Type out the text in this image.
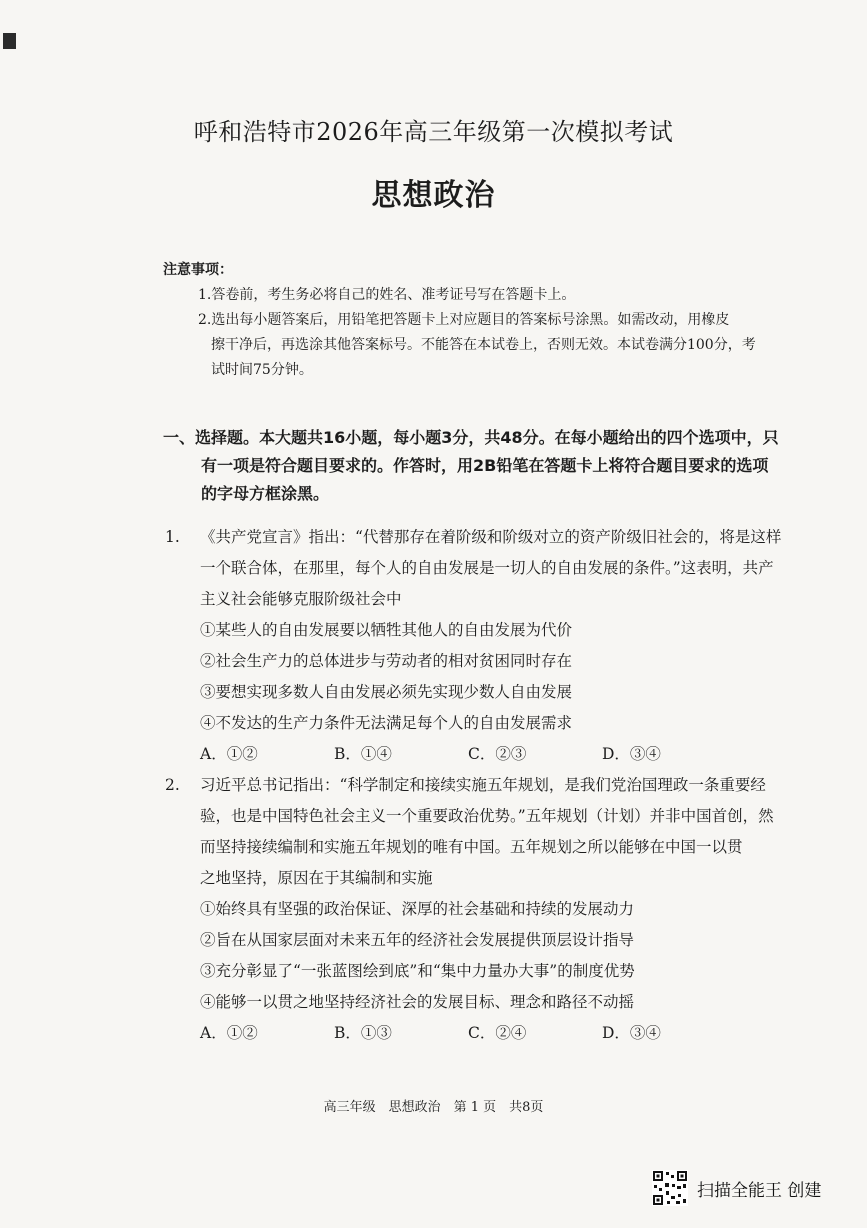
呼和浩特市2026年高三年级第一次模拟考试
思想政治
注意事项：
1.答卷前，考生务必将自己的姓名、准考证号写在答题卡上。
2.选出每小题答案后，用铅笔把答题卡上对应题目的答案标号涂黑。如需改动，用橡皮
擦干净后，再选涂其他答案标号。不能答在本试卷上，否则无效。本试卷满分100分，考
试时间75分钟。
一、选择题。本大题共16小题，每小题3分，共48分。在每小题给出的四个选项中，只
有一项是符合题目要求的。作答时，用2B铅笔在答题卡上将符合题目要求的选项
的字母方框涂黑。
1. 《共产党宣言》指出：“代替那存在着阶级和阶级对立的资产阶级旧社会的，将是这样
一个联合体，在那里，每个人的自由发展是一切人的自由发展的条件。”这表明，共产
主义社会能够克服阶级社会中
①某些人的自由发展要以牺牲其他人的自由发展为代价
②社会生产力的总体进步与劳动者的相对贫困同时存在
③要想实现多数人自由发展必须先实现少数人自由发展
④不发达的生产力条件无法满足每个人的自由发展需求
A．①②	B．①④	C．②③	D．③④
2. 习近平总书记指出：“科学制定和接续实施五年规划，是我们党治国理政一条重要经
验，也是中国特色社会主义一个重要政治优势。”五年规划（计划）并非中国首创，然
而坚持接续编制和实施五年规划的唯有中国。五年规划之所以能够在中国一以贯
之地坚持，原因在于其编制和实施
①始终具有坚强的政治保证、深厚的社会基础和持续的发展动力
②旨在从国家层面对未来五年的经济社会发展提供顶层设计指导
③充分彰显了“一张蓝图绘到底”和“集中力量办大事”的制度优势
④能够一以贯之地坚持经济社会的发展目标、理念和路径不动摇
A．①②	B．①③	C．②④	D．③④
高三年级　思想政治　第 1 页　共8页
扫描全能王 创建
